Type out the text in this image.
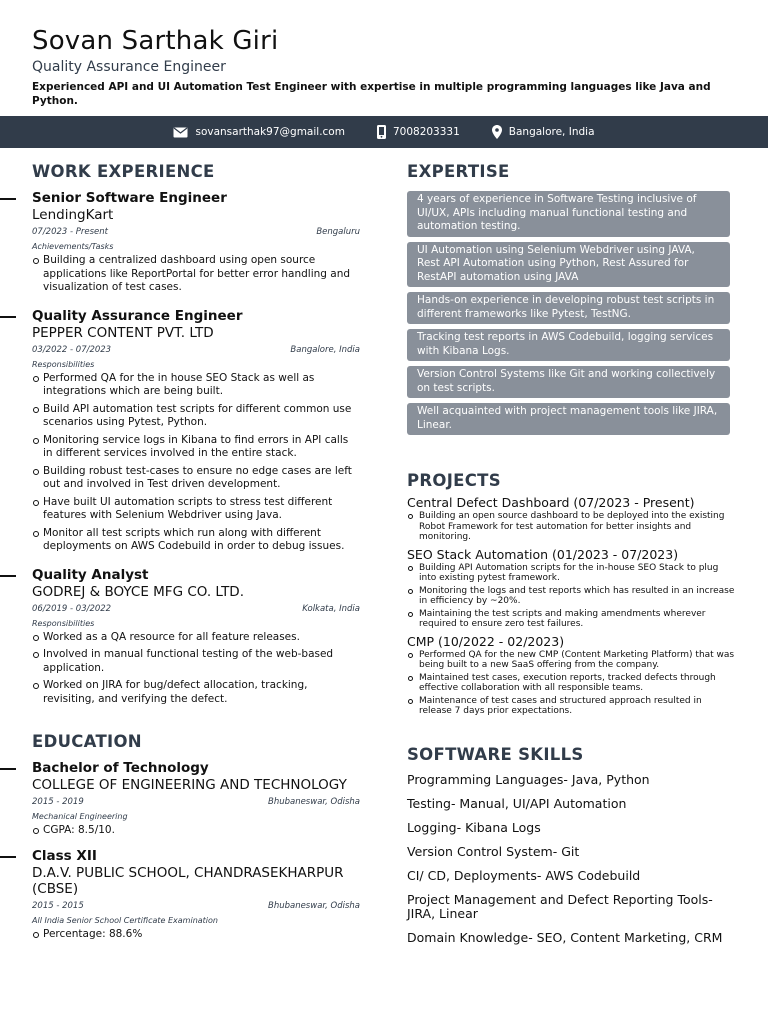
Sovan Sarthak Giri
Quality Assurance Engineer
Experienced API and UI Automation Test Engineer with expertise in multiple programming languages like Java and Python.
sovansarthak97@gmail.com	7008203331	Bangalore, India
WORK EXPERIENCE
Senior Software Engineer
LendingKart
07/2023 - Present	Bengaluru
Achievements/Tasks
Building a centralized dashboard using open source applications like ReportPortal for better error handling and visualization of test cases.
Quality Assurance Engineer
PEPPER CONTENT PVT. LTD
03/2022 - 07/2023	Bangalore, India
Responsibilities
Performed QA for the in house SEO Stack as well as integrations which are being built.
Build API automation test scripts for different common use scenarios using Pytest, Python.
Monitoring service logs in Kibana to find errors in API calls in different services involved in the entire stack.
Building robust test-cases to ensure no edge cases are left out and involved in Test driven development.
Have built UI automation scripts to stress test different features with Selenium Webdriver using Java.
Monitor all test scripts which run along with different deployments on AWS Codebuild in order to debug issues.
Quality Analyst
GODREJ & BOYCE MFG CO. LTD.
06/2019 - 03/2022	Kolkata, India
Responsibilities
Worked as a QA resource for all feature releases.
Involved in manual functional testing of the web-based application.
Worked on JIRA for bug/defect allocation, tracking, revisiting, and verifying the defect.
EDUCATION
Bachelor of Technology
COLLEGE OF ENGINEERING AND TECHNOLOGY
2015 - 2019	Bhubaneswar, Odisha
Mechanical Engineering
CGPA: 8.5/10.
Class XII
D.A.V. PUBLIC SCHOOL, CHANDRASEKHARPUR (CBSE)
2015 - 2015	Bhubaneswar, Odisha
All India Senior School Certificate Examination
Percentage: 88.6%
EXPERTISE
4 years of experience in Software Testing inclusive of UI/UX, APIs including manual functional testing and automation testing.
UI Automation using Selenium Webdriver using JAVA, Rest API Automation using Python, Rest Assured for RestAPI automation using JAVA
Hands-on experience in developing robust test scripts in different frameworks like Pytest, TestNG.
Tracking test reports in AWS Codebuild, logging services with Kibana Logs.
Version Control Systems like Git and working collectively on test scripts.
Well acquainted with project management tools like JIRA, Linear.
PROJECTS
Central Defect Dashboard (07/2023 - Present)
Building an open source dashboard to be deployed into the existing Robot Framework for test automation for better insights and monitoring.
SEO Stack Automation (01/2023 - 07/2023)
Building API Automation scripts for the in-house SEO Stack to plug into existing pytest framework.
Monitoring the logs and test reports which has resulted in an increase in efficiency by ~20%.
Maintaining the test scripts and making amendments wherever required to ensure zero test failures.
CMP (10/2022 - 02/2023)
Performed QA for the new CMP (Content Marketing Platform) that was being built to a new SaaS offering from the company.
Maintained test cases, execution reports, tracked defects through effective collaboration with all responsible teams.
Maintenance of test cases and structured approach resulted in release 7 days prior expectations.
SOFTWARE SKILLS
Programming Languages- Java, Python
Testing- Manual, UI/API Automation
Logging- Kibana Logs
Version Control System- Git
CI/ CD, Deployments- AWS Codebuild
Project Management and Defect Reporting Tools- JIRA, Linear
Domain Knowledge- SEO, Content Marketing, CRM
